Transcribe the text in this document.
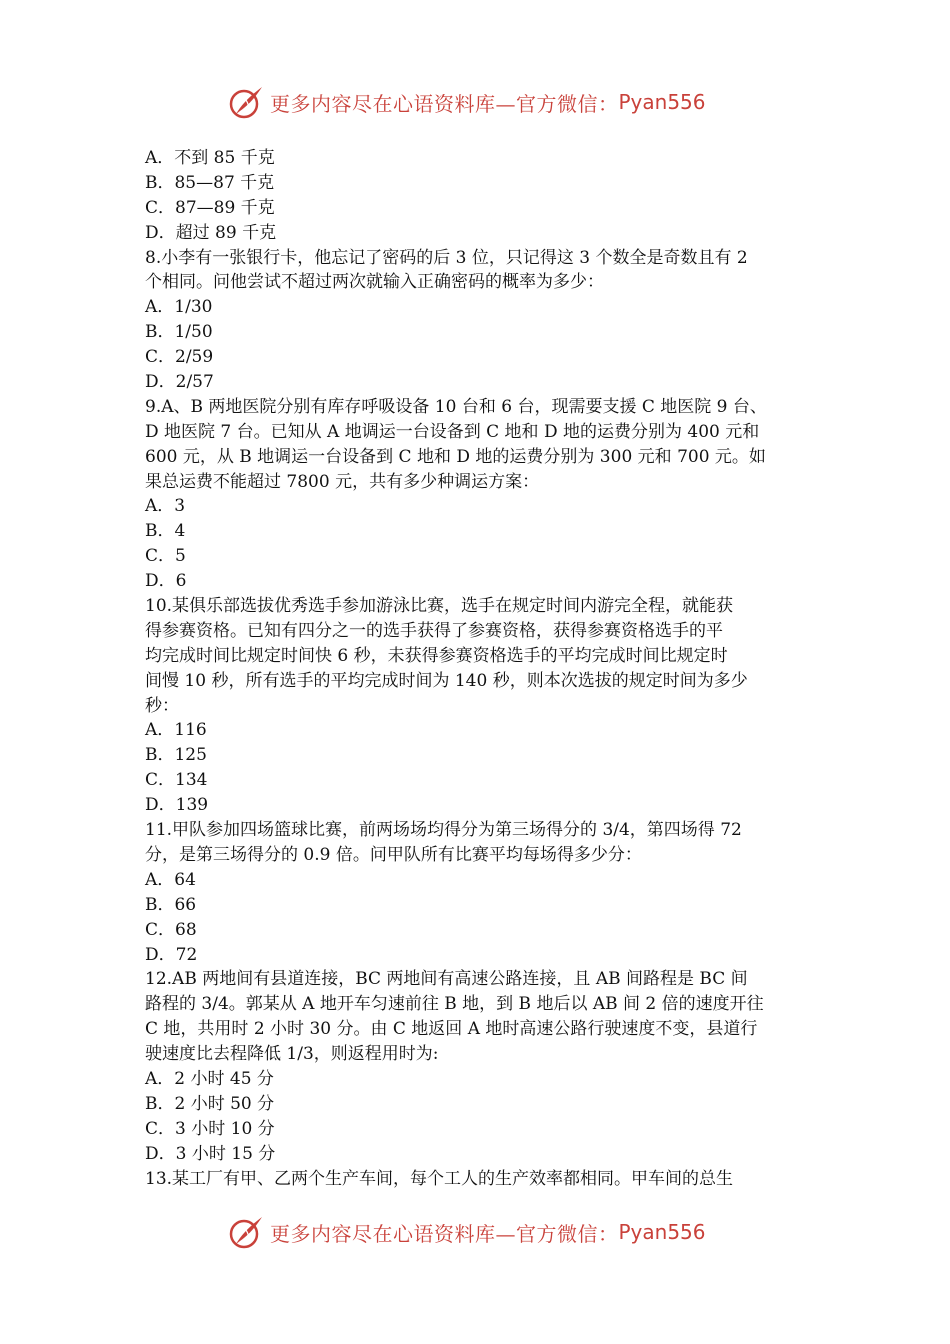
更多内容尽在心语资料库—官方微信： Pyan556
A．不到 85 千克
B．85—87 千克
C．87—89 千克
D．超过 89 千克
8.小李有一张银行卡，他忘记了密码的后 3 位，只记得这 3 个数全是奇数且有 2
个相同。问他尝试不超过两次就输入正确密码的概率为多少：
A．1/30
B．1/50
C．2/59
D．2/57
9.A、B 两地医院分别有库存呼吸设备 10 台和 6 台，现需要支援 C 地医院 9 台、
D 地医院 7 台。已知从 A 地调运一台设备到 C 地和 D 地的运费分别为 400 元和
600 元，从 B 地调运一台设备到 C 地和 D 地的运费分别为 300 元和 700 元。如
果总运费不能超过 7800 元，共有多少种调运方案：
A．3
B．4
C．5
D．6
10.某俱乐部选拔优秀选手参加游泳比赛，选手在规定时间内游完全程，就能获
得参赛资格。已知有四分之一的选手获得了参赛资格，获得参赛资格选手的平
均完成时间比规定时间快 6 秒，未获得参赛资格选手的平均完成时间比规定时
间慢 10 秒，所有选手的平均完成时间为 140 秒，则本次选拔的规定时间为多少
秒：
A．116
B．125
C．134
D．139
11.甲队参加四场篮球比赛，前两场场均得分为第三场得分的 3/4，第四场得 72
分，是第三场得分的 0.9 倍。问甲队所有比赛平均每场得多少分：
A．64
B．66
C．68
D．72
12.AB 两地间有县道连接，BC 两地间有高速公路连接，且 AB 间路程是 BC 间
路程的 3/4。郭某从 A 地开车匀速前往 B 地，到 B 地后以 AB 间 2 倍的速度开往
C 地，共用时 2 小时 30 分。由 C 地返回 A 地时高速公路行驶速度不变，县道行
驶速度比去程降低 1/3，则返程用时为:
A．2 小时 45 分
B．2 小时 50 分
C．3 小时 10 分
D．3 小时 15 分
13.某工厂有甲、乙两个生产车间，每个工人的生产效率都相同。甲车间的总生
更多内容尽在心语资料库—官方微信： Pyan556
